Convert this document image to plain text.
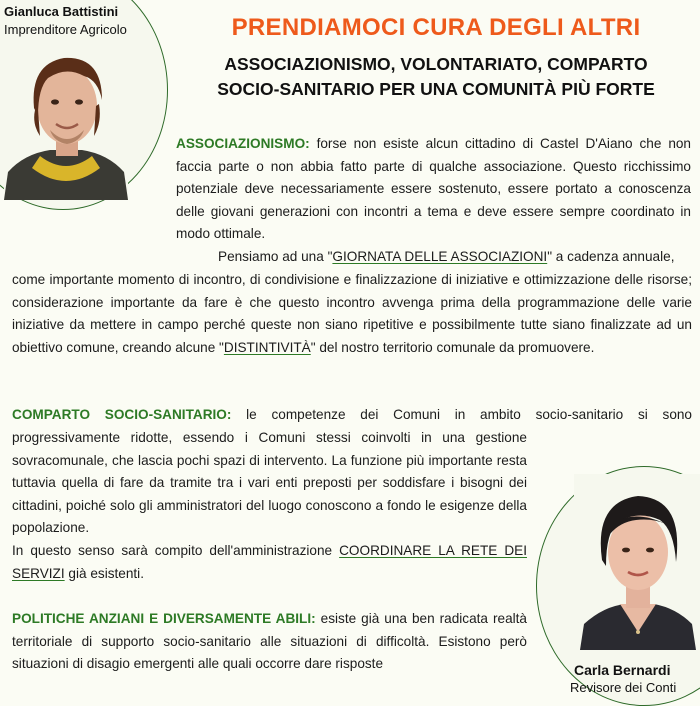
Gianluca Battistini
Imprenditore Agricolo	PRENDIAMOCI CURA DEGLI ALTRI
ASSOCIAZIONISMO, VOLONTARIATO, COMPARTO
SOCIO-SANITARIO PER UNA COMUNITÀ PIÙ FORTE

ASSOCIAZIONISMO: forse non esiste alcun cittadino di Castel D'Aiano che non faccia parte o non abbia fatto parte di qualche associazione. Questo ricchissimo potenziale deve necessariamente essere sostenuto, essere portato a conoscenza delle giovani generazioni con incontri a tema e deve essere sempre coordinato in modo ottimale.

Pensiamo ad una "GIORNATA DELLE ASSOCIAZIONI" a cadenza annuale,

come importante momento di incontro, di condivisione e finalizzazione di iniziative e ottimizzazione delle risorse; considerazione importante da fare è che questo incontro avvenga prima della programmazione delle varie iniziative da mettere in campo perché queste non siano ripetitive e possibilmente tutte siano finalizzate ad un obiettivo comune, creando alcune "DISTINTIVITÀ" del nostro territorio comunale da promuovere.

COMPARTO SOCIO-SANITARIO: le competenze dei Comuni in ambito socio-sanitario si sono

progressivamente ridotte, essendo i Comuni stessi coinvolti in una gestione sovracomunale, che lascia pochi spazi di intervento. La funzione più importante resta tuttavia quella di fare da tramite tra i vari enti preposti per soddisfare i bisogni dei cittadini, poiché solo gli amministratori del luogo conoscono a fondo le esigenze della popolazione.

In questo senso sarà compito dell'amministrazione COORDINARE LA RETE DEI SERVIZI già esistenti.

POLITICHE ANZIANI E DIVERSAMENTE ABILI: esiste già una ben radicata realtà territoriale di supporto socio-sanitario alle situazioni di difficoltà. Esistono però situazioni di disagio emergenti alle quali occorre dare risposte	Carla Bernardi
Revisore dei Conti
